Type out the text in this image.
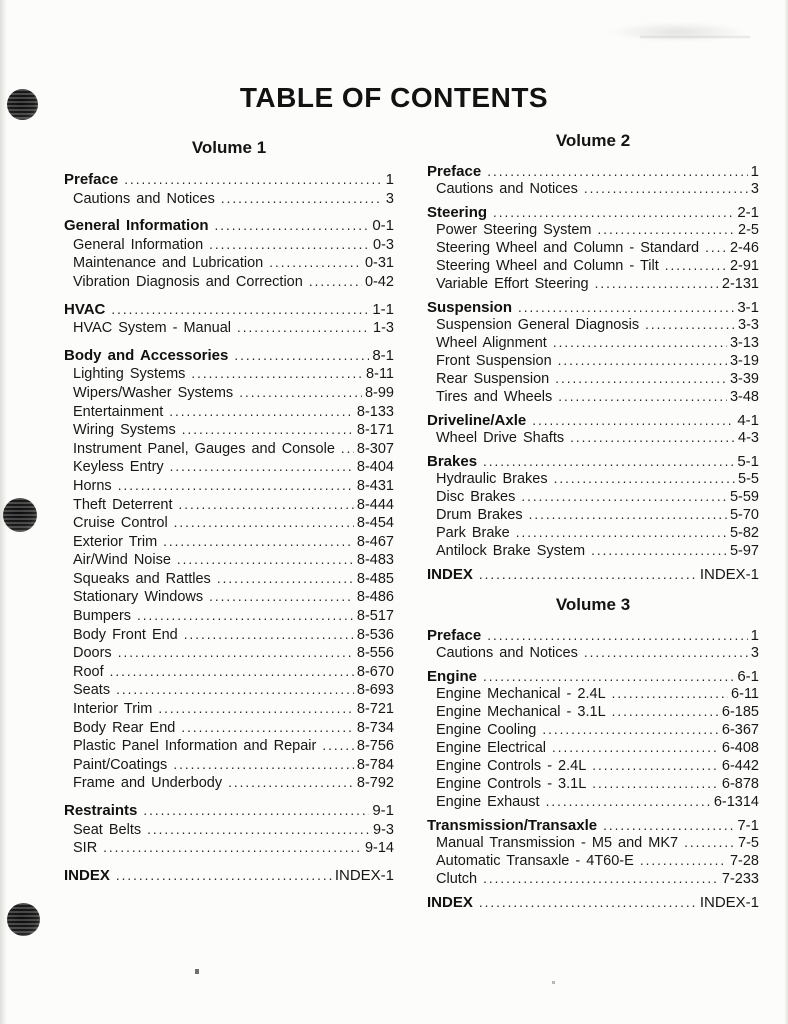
TABLE OF CONTENTS
Volume 1
Preface .....	1
Cautions and Notices .....	3
General Information .....	0-1
General Information .....	0-3
Maintenance and Lubrication .....	0-31
Vibration Diagnosis and Correction .....	0-42
HVAC .....	1-1
HVAC System - Manual .....	1-3
Body and Accessories .....	8-1
Lighting Systems .....	8-11
Wipers/Washer Systems .....	8-99
Entertainment .....	8-133
Wiring Systems .....	8-171
Instrument Panel, Gauges and Console ..... 8-307
Keyless Entry .....	8-404
Horns .....	8-431
Theft Deterrent .....	8-444
Cruise Control .....	8-454
Exterior Trim .....	8-467
Air/Wind Noise .....	8-483
Squeaks and Rattles .....	8-485
Stationary Windows .....	8-486
Bumpers .....	8-517
Body Front End .....	8-536
Doors .....	8-556
Roof .....	8-670
Seats .....	8-693
Interior Trim .....	8-721
Body Rear End .....	8-734
Plastic Panel Information and Repair .....	8-756
Paint/Coatings .....	8-784
Frame and Underbody .....	8-792
Restraints .....	9-1
Seat Belts .....	9-3
SIR .....	9-14
INDEX .....	INDEX-1
Volume 2
Preface .....	1
Cautions and Notices .....	3
Steering .....	2-1
Power Steering System .....	2-5
Steering Wheel and Column - Standard ..... 2-46
Steering Wheel and Column - Tilt .....	2-91
Variable Effort Steering .....	2-131
Suspension .....	3-1
Suspension General Diagnosis .....	3-3
Wheel Alignment .....	3-13
Front Suspension .....	3-19
Rear Suspension .....	3-39
Tires and Wheels .....	3-48
Driveline/Axle .....	4-1
Wheel Drive Shafts .....	4-3
Brakes .....	5-1
Hydraulic Brakes .....	5-5
Disc Brakes .....	5-59
Drum Brakes .....	5-70
Park Brake .....	5-82
Antilock Brake System .....	5-97
INDEX .....	INDEX-1
Volume 3
Preface .....	1
Cautions and Notices .....	3
Engine .....	6-1
Engine Mechanical - 2.4L .....	6-11
Engine Mechanical - 3.1L .....	6-185
Engine Cooling .....	6-367
Engine Electrical .....	6-408
Engine Controls - 2.4L .....	6-442
Engine Controls - 3.1L .....	6-878
Engine Exhaust .....	6-1314
Transmission/Transaxle .....	7-1
Manual Transmission - M5 and MK7 .....	7-5
Automatic Transaxle - 4T60-E .....	7-28
Clutch .....	7-233
INDEX .....	INDEX-1
